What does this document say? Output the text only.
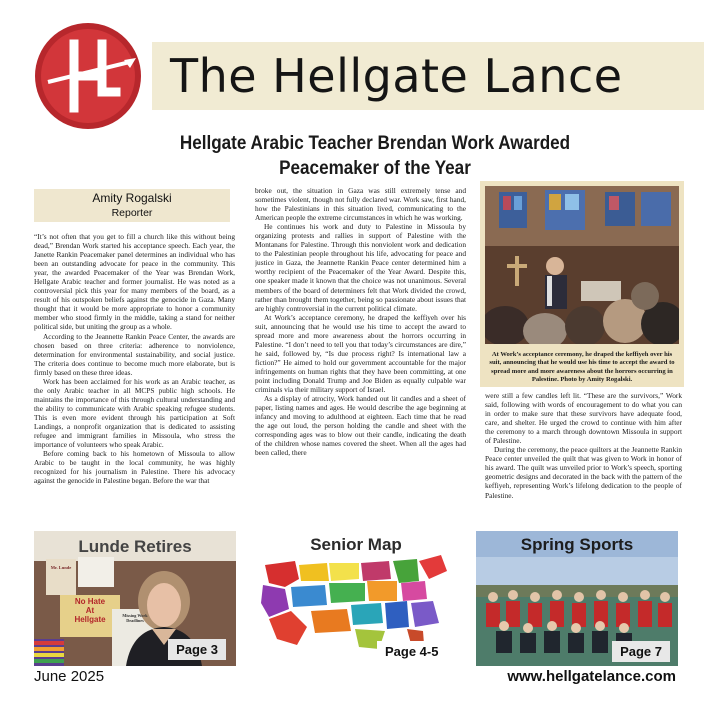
HL
The Hellgate Lance
Hellgate Arabic Teacher Brendan Work Awarded
Peacemaker of the Year
Amity Rogalski
Reporter

“It’s not often that you get to fill a church like this without being dead,” Brendan Work started his acceptance speech. Each year, the Janette Rankin Peacemaker panel determines an individual who has been an outstanding advocate for peace in the community. This year, the awarded Peacemaker of the Year was Brendan Work, Hellgate Arabic teacher and former journalist. He was noted as a controversial pick this year for many members of the board, as a result of his outspoken beliefs against the genocide in Gaza. Many thought that it would be more appropriate to honor a community member who stood firmly in the middle, taking a stand for neither political side, but uniting the group as a whole.

According to the Jeannette Rankin Peace Center, the awards are chosen based on three criteria: adherence to nonviolence, determination for environmental sustainability, and social justice. The criteria does continue to become much more elaborate, but is firmly based on these three ideas.

Work has been acclaimed for his work as an Arabic teacher, as the only Arabic teacher in all MCPS public high schools. He maintains the importance of this through cultural understanding and the ability to communicate with Arabic speaking refugee students. This is even more evident through his participation at Soft Landings, a nonprofit organization that is dedicated to assisting refugee and immigrant families in Missoula, who stress the importance of volunteers who speak Arabic.

Before coming back to his hometown of Missoula to allow Arabic to be taught in the local community, he was highly recognized for his journalism in Palestine. There his advocacy against the genocide in Palestine began. Before the war that

broke out, the situation in Gaza was still extremely tense and sometimes violent, though not fully declared war. Work saw, first hand, how the Palestinians in this situation lived, communicating to the American people the extreme circumstances in which he was working.

He continues his work and duty to Palestine in Missoula by organizing protests and rallies in support of Palestine with the Montanans for Palestine. Through this nonviolent work and dedication to the Palestinian people throughout his life, advocating for peace and justice in Gaza, the Jeannette Rankin Peace center determined him a worthy recipient of the Peacemaker of the Year Award. Despite this, one speaker made it known that the choice was not unanimous. Several members of the board of determiners felt that Work divided the crowd, rather than brought them together, being so passionate about issues that are highly controversial in the current political climate.

At Work’s acceptance ceremony, he draped the keffiyeh over his suit, announcing that he would use his time to accept the award to spread more and more awareness about the horrors occurring in Palestine. “I don’t need to tell you that today’s circumstances are dire,” he said, followed by, “Is due process right? Is international law a fiction?” He aimed to hold our government accountable for the major infringements on human rights that they have been committing, at one point including Donald Trump and Joe Biden as equally culpable war criminals via their military support of Israel.

As a display of atrocity, Work handed out lit candles and a sheet of paper, listing names and ages. He would describe the age beginning at infancy and moving to adulthood at eighteen. Each time that he read the age out loud, the person holding the candle and sheet with the corresponding ages was to blow out their candle, indicating the death of the children whose names covered the sheet. When all the ages had been called, there

At Work’s acceptance ceremony, he draped the keffiyeh over his suit, announcing that he would use his time to accept the award to spread more and more awareness about the horrors occurring in Palestine. Photo by Amity Rogalski.

were still a few candles left lit. “These are the survivors,” Work said, following with words of encouragement to do what you can in order to make sure that these survivors have adequate food, care, and shelter. He urged the crowd to continue with him after the ceremony to a march through downtown Missoula in support of Palestine.

During the ceremony, the peace quilters at the Jeannette Rankin Peace center unveiled the quilt that was given to Work in honor of his award. The quilt was unveiled prior to Work’s speech, sporting geometric designs and decorated in the back with the pattern of the keffiyeh, representing Work’s lifelong dedication to the people of Palestine.

Lunde Retires
Mr. Lunde
No Hate
At
Hellgate	Missing Work
Deadlines
Page 3
Senior Map
Page 4-5
Spring Sports
Page 7
June 2025	www.hellgatelance.com
